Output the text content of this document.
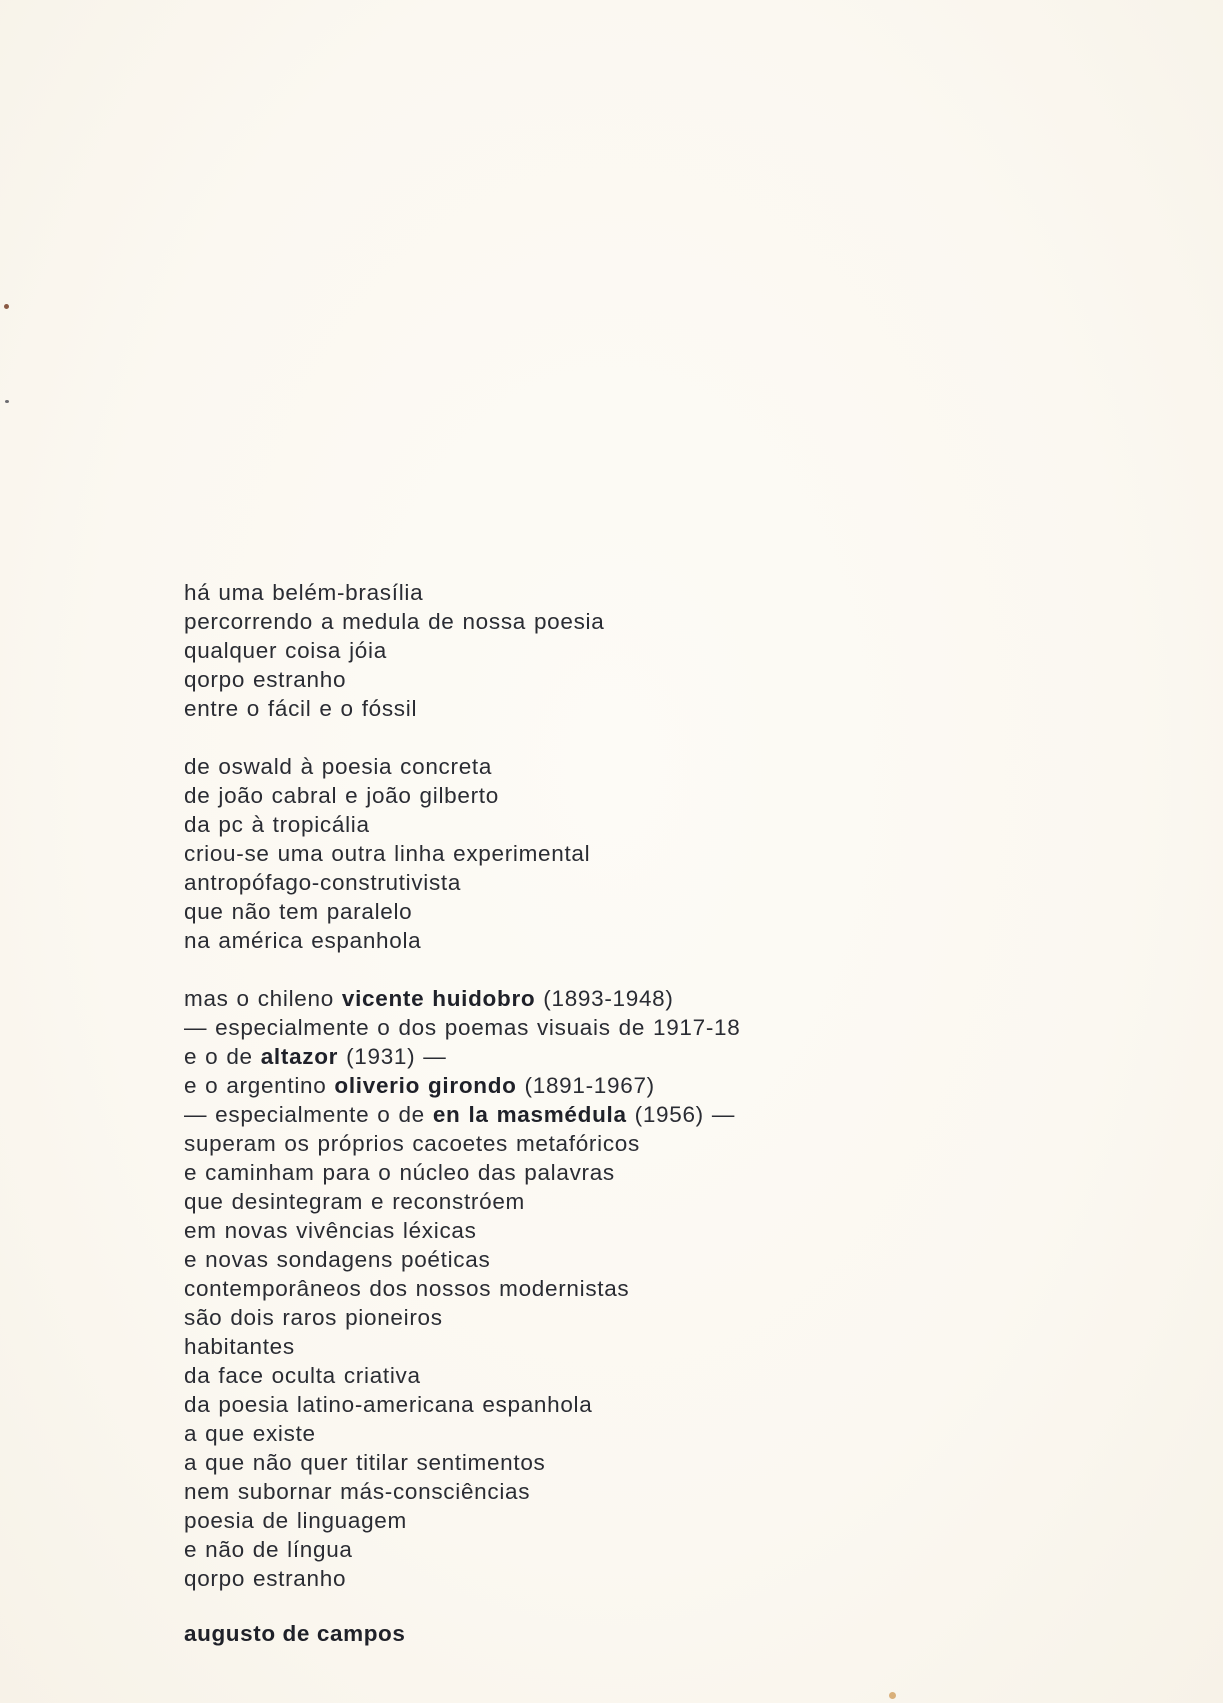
há uma belém-brasília
percorrendo a medula de nossa poesia
qualquer coisa jóia
qorpo estranho
entre o fácil e o fóssil
de oswald à poesia concreta
de joão cabral e joão gilberto
da pc à tropicália
criou-se uma outra linha experimental
antropófago-construtivista
que não tem paralelo
na américa espanhola
mas o chileno vicente huidobro (1893-1948)
— especialmente o dos poemas visuais de 1917-18
e o de altazor (1931) —
e o argentino oliverio girondo (1891-1967)
— especialmente o de en la masmédula (1956) —
superam os próprios cacoetes metafóricos
e caminham para o núcleo das palavras
que desintegram e reconstróem
em novas vivências léxicas
e novas sondagens poéticas
contemporâneos dos nossos modernistas
são dois raros pioneiros
habitantes
da face oculta criativa
da poesia latino-americana espanhola
a que existe
a que não quer titilar sentimentos
nem subornar más-consciências
poesia de linguagem
e não de língua
qorpo estranho
augusto de campos
